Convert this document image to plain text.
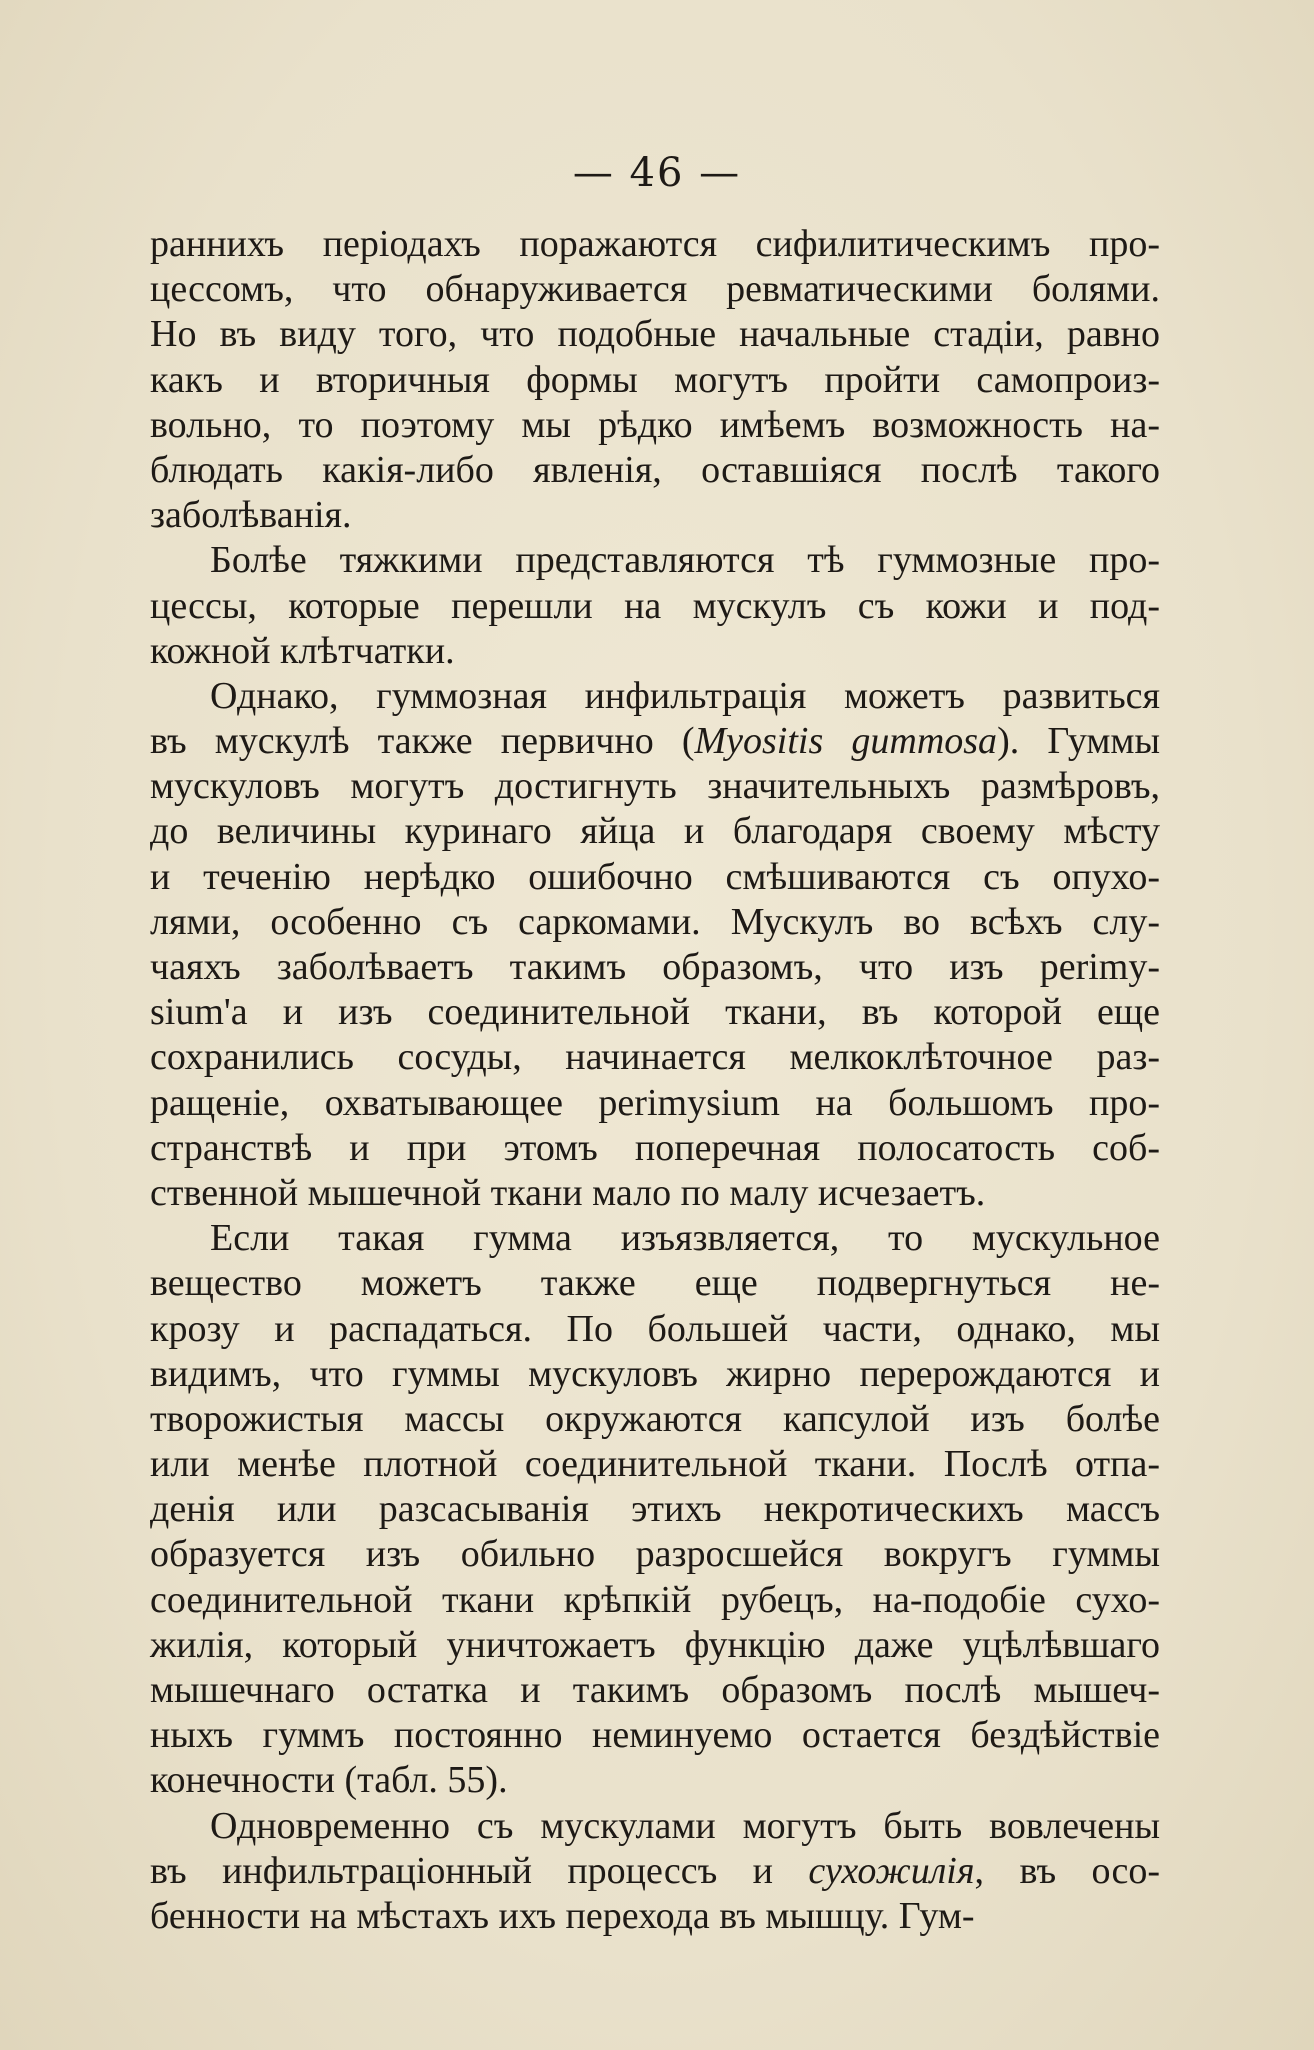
— 46 —
раннихъ періодахъ поражаются сифилитическимъ про-
цессомъ, что обнаруживается ревматическими болями.
Но въ виду того, что подобные начальные стадіи, равно
какъ и вторичныя формы могутъ пройти самопроиз-
вольно, то поэтому мы рѣдко имѣемъ возможность на-
блюдать какія-либо явленія, оставшіяся послѣ такого
заболѣванія.
Болѣе тяжкими представляются тѣ гуммозные про-
цессы, которые перешли на мускулъ съ кожи и под-
кожной клѣтчатки.
Однако, гуммозная инфильтрація можетъ развиться
въ мускулѣ также первично (Myositis gummosa). Гуммы
мускуловъ могутъ достигнуть значительныхъ размѣровъ,
до величины куринаго яйца и благодаря своему мѣсту
и теченію нерѣдко ошибочно смѣшиваются съ опухо-
лями, особенно съ саркомами. Мускулъ во всѣхъ слу-
чаяхъ заболѣваетъ такимъ образомъ, что изъ perimy-
sium'а и изъ соединительной ткани, въ которой еще
сохранились сосуды, начинается мелкоклѣточное раз-
ращеніе, охватывающее perimysium на большомъ про-
странствѣ и при этомъ поперечная полосатость соб-
ственной мышечной ткани мало по малу исчезаетъ.
Если такая гумма изъязвляется, то мускульное
вещество можетъ также еще подвергнуться не-
крозу и распадаться. По большей части, однако, мы
видимъ, что гуммы мускуловъ жирно перерождаются и
творожистыя массы окружаются капсулой изъ болѣе
или менѣе плотной соединительной ткани. Послѣ отпа-
денія или разсасыванія этихъ некротическихъ массъ
образуется изъ обильно разросшейся вокругъ гуммы
соединительной ткани крѣпкій рубецъ, на-подобіе сухо-
жилія, который уничтожаетъ функцію даже уцѣлѣвшаго
мышечнаго остатка и такимъ образомъ послѣ мышеч-
ныхъ гуммъ постоянно неминуемо остается бездѣйствіе
конечности (табл. 55).
Одновременно съ мускулами могутъ быть вовлечены
въ инфильтраціонный процессъ и сухожилія, въ осо-
бенности на мѣстахъ ихъ перехода въ мышцу. Гум-
